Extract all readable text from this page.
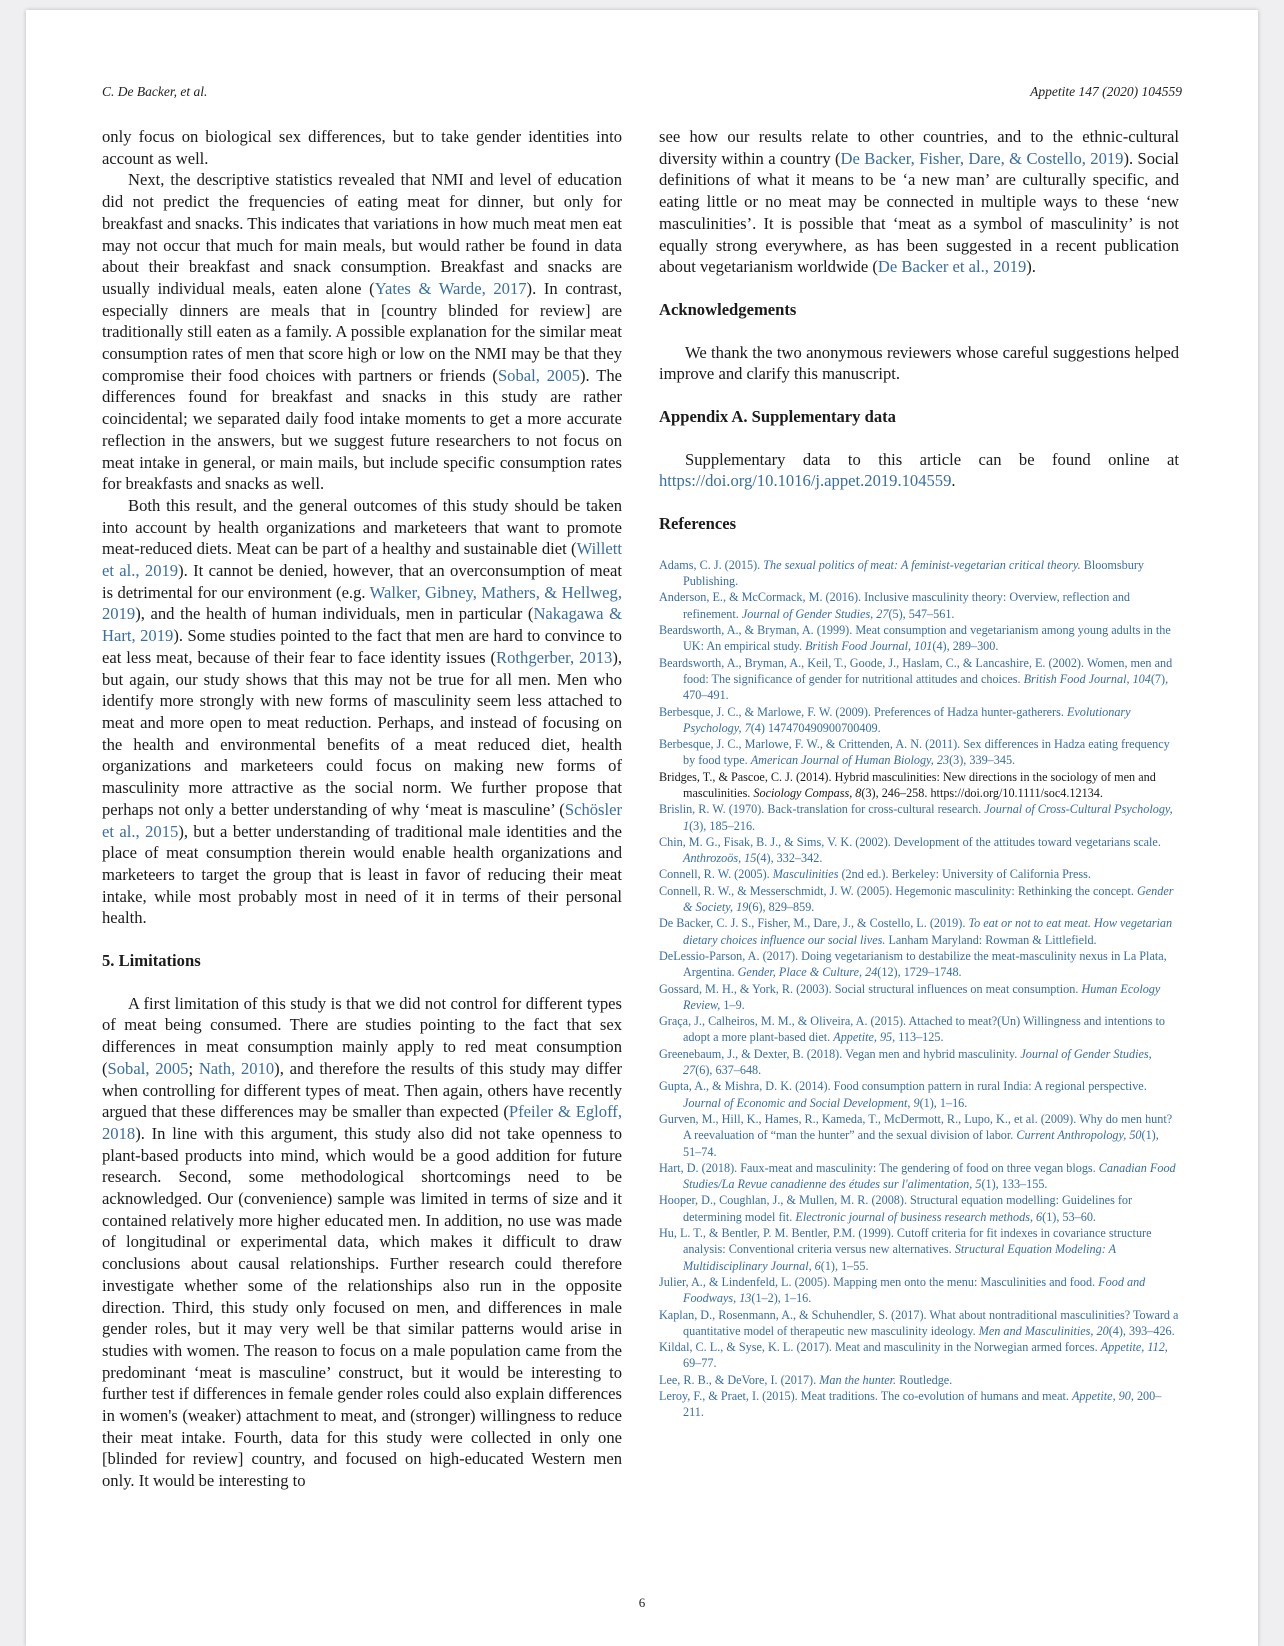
C. De Backer, et al.	Appetite 147 (2020) 104559

only focus on biological sex differences, but to take gender identities into account as well.

Next, the descriptive statistics revealed that NMI and level of education did not predict the frequencies of eating meat for dinner, but only for breakfast and snacks. This indicates that variations in how much meat men eat may not occur that much for main meals, but would rather be found in data about their breakfast and snack consumption. Breakfast and snacks are usually individual meals, eaten alone (Yates & Warde, 2017). In contrast, especially dinners are meals that in [country blinded for review] are traditionally still eaten as a family. A possible explanation for the similar meat consumption rates of men that score high or low on the NMI may be that they compromise their food choices with partners or friends (Sobal, 2005). The differences found for breakfast and snacks in this study are rather coincidental; we separated daily food intake moments to get a more accurate reflection in the answers, but we suggest future researchers to not focus on meat intake in general, or main mails, but include specific consumption rates for breakfasts and snacks as well.

Both this result, and the general outcomes of this study should be taken into account by health organizations and marketeers that want to promote meat-reduced diets. Meat can be part of a healthy and sustainable diet (Willett et al., 2019). It cannot be denied, however, that an overconsumption of meat is detrimental for our environment (e.g. Walker, Gibney, Mathers, & Hellweg, 2019), and the health of human individuals, men in particular (Nakagawa & Hart, 2019). Some studies pointed to the fact that men are hard to convince to eat less meat, because of their fear to face identity issues (Rothgerber, 2013), but again, our study shows that this may not be true for all men. Men who identify more strongly with new forms of masculinity seem less attached to meat and more open to meat reduction. Perhaps, and instead of focusing on the health and environmental benefits of a meat reduced diet, health organizations and marketeers could focus on making new forms of masculinity more attractive as the social norm. We further propose that perhaps not only a better understanding of why ‘meat is masculine’ (Schösler et al., 2015), but a better understanding of traditional male identities and the place of meat consumption therein would enable health organizations and marketeers to target the group that is least in favor of reducing their meat intake, while most probably most in need of it in terms of their personal health.

5. Limitations

A first limitation of this study is that we did not control for different types of meat being consumed. There are studies pointing to the fact that sex differences in meat consumption mainly apply to red meat consumption (Sobal, 2005; Nath, 2010), and therefore the results of this study may differ when controlling for different types of meat. Then again, others have recently argued that these differences may be smaller than expected (Pfeiler & Egloff, 2018). In line with this argument, this study also did not take openness to plant-based products into mind, which would be a good addition for future research. Second, some methodological shortcomings need to be acknowledged. Our (convenience) sample was limited in terms of size and it contained relatively more higher educated men. In addition, no use was made of longitudinal or experimental data, which makes it difficult to draw conclusions about causal relationships. Further research could therefore investigate whether some of the relationships also run in the opposite direction. Third, this study only focused on men, and differences in male gender roles, but it may very well be that similar patterns would arise in studies with women. The reason to focus on a male population came from the predominant ‘meat is masculine’ construct, but it would be interesting to further test if differences in female gender roles could also explain differences in women's (weaker) attachment to meat, and (stronger) willingness to reduce their meat intake. Fourth, data for this study were collected in only one [blinded for review] country, and focused on high-educated Western men only. It would be interesting to

see how our results relate to other countries, and to the ethnic-cultural diversity within a country (De Backer, Fisher, Dare, & Costello, 2019). Social definitions of what it means to be ‘a new man’ are culturally specific, and eating little or no meat may be connected in multiple ways to these ‘new masculinities’. It is possible that ‘meat as a symbol of masculinity’ is not equally strong everywhere, as has been suggested in a recent publication about vegetarianism worldwide (De Backer et al., 2019).

Acknowledgements

We thank the two anonymous reviewers whose careful suggestions helped improve and clarify this manuscript.

Appendix A. Supplementary data

Supplementary data to this article can be found online at https://doi.org/10.1016/j.appet.2019.104559.

References
Adams, C. J. (2015). The sexual politics of meat: A feminist-vegetarian critical theory. Bloomsbury Publishing.
Anderson, E., & McCormack, M. (2016). Inclusive masculinity theory: Overview, reflection and refinement. Journal of Gender Studies, 27(5), 547–561.
Beardsworth, A., & Bryman, A. (1999). Meat consumption and vegetarianism among young adults in the UK: An empirical study. British Food Journal, 101(4), 289–300.
Beardsworth, A., Bryman, A., Keil, T., Goode, J., Haslam, C., & Lancashire, E. (2002). Women, men and food: The significance of gender for nutritional attitudes and choices. British Food Journal, 104(7), 470–491.
Berbesque, J. C., & Marlowe, F. W. (2009). Preferences of Hadza hunter-gatherers. Evolutionary Psychology, 7(4) 147470490900700409.
Berbesque, J. C., Marlowe, F. W., & Crittenden, A. N. (2011). Sex differences in Hadza eating frequency by food type. American Journal of Human Biology, 23(3), 339–345.
Bridges, T., & Pascoe, C. J. (2014). Hybrid masculinities: New directions in the sociology of men and masculinities. Sociology Compass, 8(3), 246–258. https://doi.org/10.1111/soc4.12134.
Brislin, R. W. (1970). Back-translation for cross-cultural research. Journal of Cross-Cultural Psychology, 1(3), 185–216.
Chin, M. G., Fisak, B. J., & Sims, V. K. (2002). Development of the attitudes toward vegetarians scale. Anthrozoös, 15(4), 332–342.
Connell, R. W. (2005). Masculinities (2nd ed.). Berkeley: University of California Press.
Connell, R. W., & Messerschmidt, J. W. (2005). Hegemonic masculinity: Rethinking the concept. Gender & Society, 19(6), 829–859.
De Backer, C. J. S., Fisher, M., Dare, J., & Costello, L. (2019). To eat or not to eat meat. How vegetarian dietary choices influence our social lives. Lanham Maryland: Rowman & Littlefield.
DeLessio-Parson, A. (2017). Doing vegetarianism to destabilize the meat-masculinity nexus in La Plata, Argentina. Gender, Place & Culture, 24(12), 1729–1748.
Gossard, M. H., & York, R. (2003). Social structural influences on meat consumption. Human Ecology Review, 1–9.
Graça, J., Calheiros, M. M., & Oliveira, A. (2015). Attached to meat?(Un) Willingness and intentions to adopt a more plant-based diet. Appetite, 95, 113–125.
Greenebaum, J., & Dexter, B. (2018). Vegan men and hybrid masculinity. Journal of Gender Studies, 27(6), 637–648.
Gupta, A., & Mishra, D. K. (2014). Food consumption pattern in rural India: A regional perspective. Journal of Economic and Social Development, 9(1), 1–16.
Gurven, M., Hill, K., Hames, R., Kameda, T., McDermott, R., Lupo, K., et al. (2009). Why do men hunt? A reevaluation of “man the hunter” and the sexual division of labor. Current Anthropology, 50(1), 51–74.
Hart, D. (2018). Faux-meat and masculinity: The gendering of food on three vegan blogs. Canadian Food Studies/La Revue canadienne des études sur l'alimentation, 5(1), 133–155.
Hooper, D., Coughlan, J., & Mullen, M. R. (2008). Structural equation modelling: Guidelines for determining model fit. Electronic journal of business research methods, 6(1), 53–60.
Hu, L. T., & Bentler, P. M. Bentler, P.M. (1999). Cutoff criteria for fit indexes in covariance structure analysis: Conventional criteria versus new alternatives. Structural Equation Modeling: A Multidisciplinary Journal, 6(1), 1–55.
Julier, A., & Lindenfeld, L. (2005). Mapping men onto the menu: Masculinities and food. Food and Foodways, 13(1–2), 1–16.
Kaplan, D., Rosenmann, A., & Schuhendler, S. (2017). What about nontraditional masculinities? Toward a quantitative model of therapeutic new masculinity ideology. Men and Masculinities, 20(4), 393–426.
Kildal, C. L., & Syse, K. L. (2017). Meat and masculinity in the Norwegian armed forces. Appetite, 112, 69–77.
Lee, R. B., & DeVore, I. (2017). Man the hunter. Routledge.
Leroy, F., & Praet, I. (2015). Meat traditions. The co-evolution of humans and meat. Appetite, 90, 200–211.
6
